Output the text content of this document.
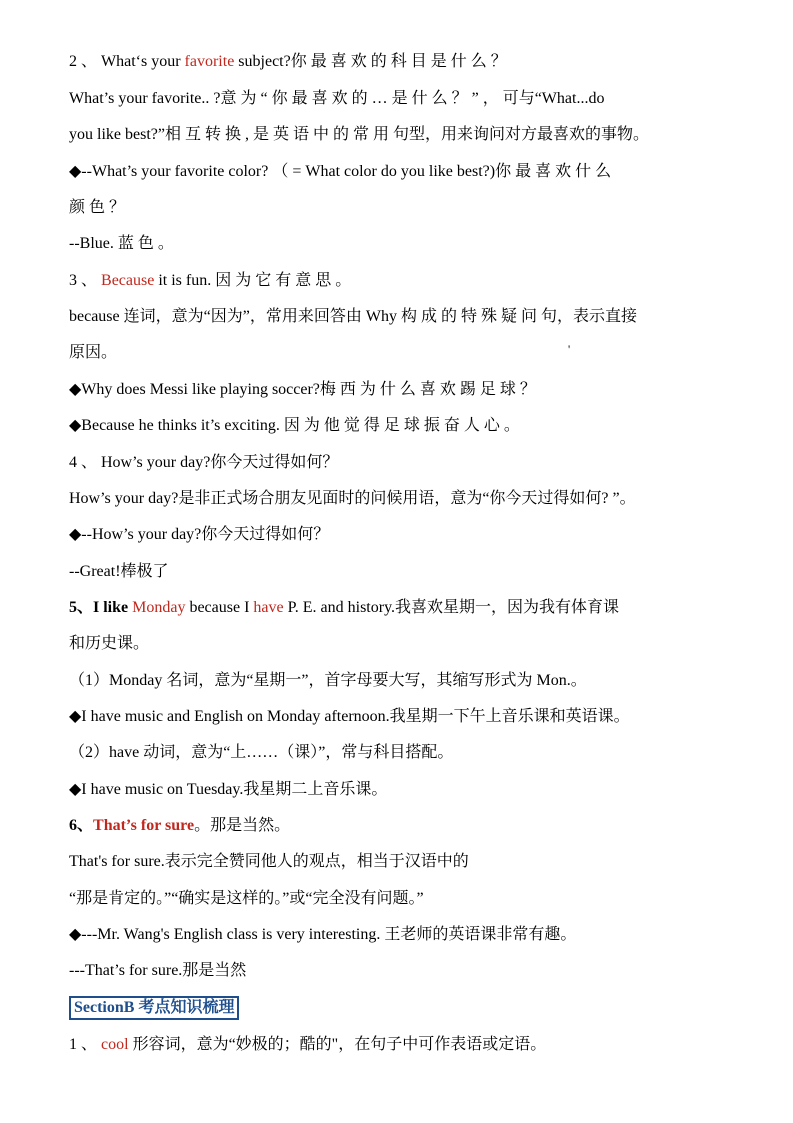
2 、 What‘s your favorite subject?你 最 喜 欢 的 科 目 是 什 么 ？
What’s your favorite.. ?意 为 “ 你 最 喜 欢 的 … 是 什 么 ？ ” ， 可与“What...do
you like best?”相 互 转 换 , 是 英 语 中 的 常 用 句型，用来询问对方最喜欢的事物。
◆--What’s your favorite color? （ = What color do you like best?)你 最 喜 欢 什 么
颜 色 ？
--Blue. 蓝 色 。
3 、 Because it is fun. 因 为 它 有 意 思 。
because 连词，意为“因为”，常用来回答由 Why 构 成 的 特 殊 疑 问 句，表示直接
原因。	'
◆Why does Messi like playing soccer?梅 西 为 什 么 喜 欢 踢 足 球 ？
◆Because he thinks it’s exciting. 因 为 他 觉 得 足 球 振 奋 人 心 。
4 、 How’s your day?你今天过得如何？
How’s your day?是非正式场合朋友见面时的问候用语，意为“你今天过得如何? ”。
◆--How’s your day?你今天过得如何？
--Great!棒极了
5、I like Monday because I have P. E. and history.我喜欢星期一，因为我有体育课
和历史课。
（1）Monday 名词，意为“星期一”，首字母要大写，其缩写形式为 Mon.。
◆I have music and English on Monday afternoon.我星期一下午上音乐课和英语课。
（2）have 动词，意为“上……（课）”，常与科目搭配。
◆I have music on Tuesday.我星期二上音乐课。
6、That’s for sure。那是当然。
That's for sure.表示完全赞同他人的观点，相当于汉语中的
“那是肯定的。”“确实是这样的。”或“完全没有问题。”
◆---Mr. Wang's English class is very interesting. 王老师的英语课非常有趣。
---That’s for sure.那是当然
SectionB 考点知识梳理
1 、 cool 形容词，意为“妙极的；酷的"，在句子中可作表语或定语。
